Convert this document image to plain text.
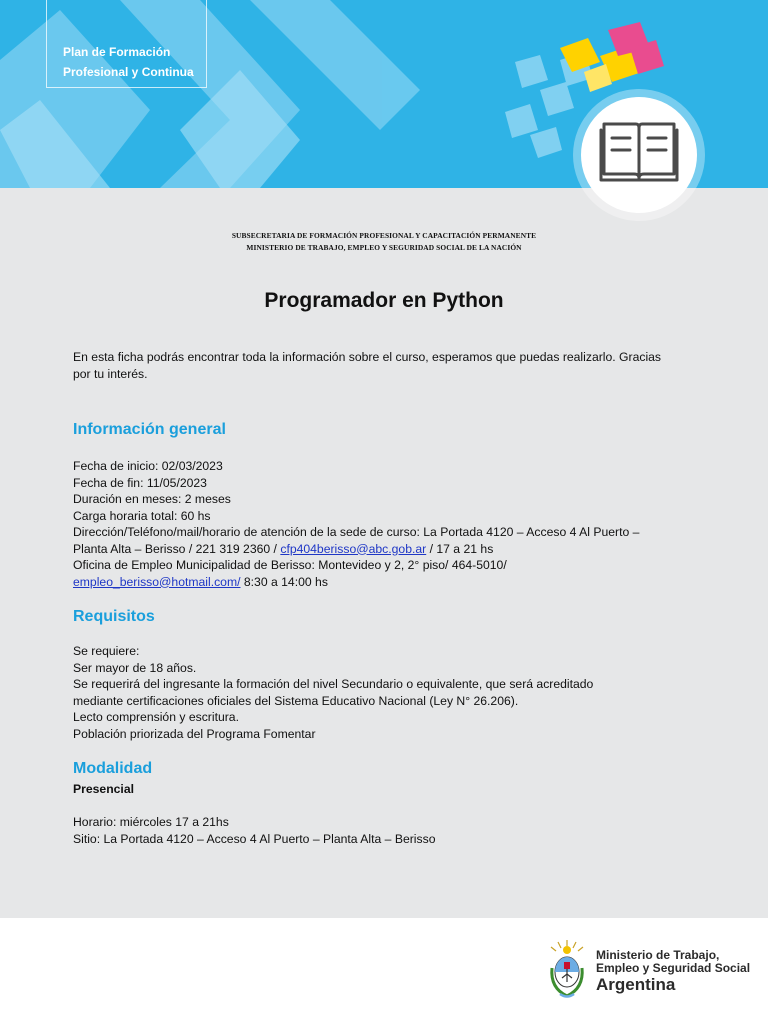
Plan de Formación
Profesional y Continua
SUBSECRETARIA DE FORMACIÓN PROFESIONAL Y CAPACITACIÓN PERMANENTE
MINISTERIO DE TRABAJO, EMPLEO Y SEGURIDAD SOCIAL DE LA NACIÓN
Programador en Python
En esta ficha podrás encontrar toda la información sobre el curso, esperamos que puedas realizarlo. Gracias
por tu interés.
Información general
Fecha de inicio: 02/03/2023
Fecha de fin: 11/05/2023
Duración en meses: 2 meses
Carga horaria total: 60 hs
Dirección/Teléfono/mail/horario de atención de la sede de curso: La Portada 4120 – Acceso 4 Al Puerto –
Planta Alta – Berisso / 221 319 2360 / cfp404berisso@abc.gob.ar / 17 a 21 hs
Oficina de Empleo Municipalidad de Berisso: Montevideo y 2, 2° piso/ 464-5010/
empleo_berisso@hotmail.com/ 8:30 a 14:00 hs
Requisitos
Se requiere:
Ser mayor de 18 años.
Se requerirá del ingresante la formación del nivel Secundario o equivalente, que será acreditado
mediante certificaciones oficiales del Sistema Educativo Nacional (Ley N° 26.206).
Lecto comprensión y escritura.
Población priorizada del Programa Fomentar
Modalidad
Presencial
Horario: miércoles 17 a 21hs
Sitio: La Portada 4120 – Acceso 4 Al Puerto – Planta Alta – Berisso
Ministerio de Trabajo,
Empleo y Seguridad Social
Argentina
